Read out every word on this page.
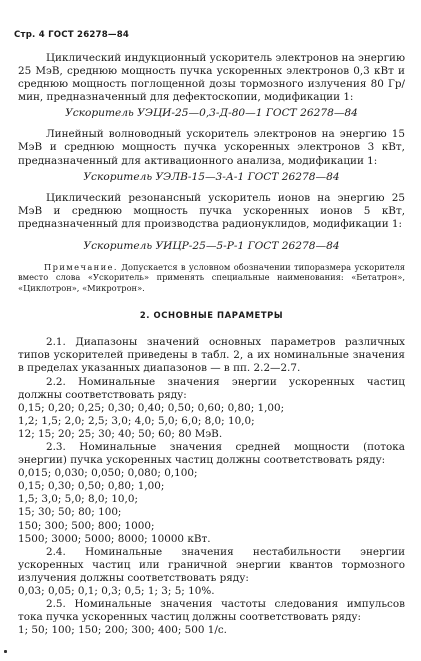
Стр. 4 ГОСТ 26278—84

Циклический индукционный ускоритель электронов на энергию 25 МэВ, среднюю мощность пучка ускоренных электронов 0,3 кВт и среднюю мощность поглощенной дозы тормозного излучения 80 Гр/мин, предназначенный для дефектоскопии, модификации 1:

Ускоритель УЭЦИ-25—0,3-Д-80—1 ГОСТ 26278—84

Линейный волноводный ускоритель электронов на энергию 15 МэВ и среднюю мощность пучка ускоренных электронов 3 кВт, предназначенный для активационного анализа, модификации 1:

Ускоритель УЭЛВ-15—3-А-1 ГОСТ 26278—84

Циклический резонансный ускоритель ионов на энергию 25 МэВ и среднюю мощность пучка ускоренных ионов 5 кВт, предназначенный для производства радионуклидов, модификации 1:

Ускоритель УИЦР-25—5-Р-1 ГОСТ 26278—84

Примечание. Допускается в условном обозначении типоразмера ускорителя вместо слова «Ускоритель» применять специальные наименования: «Бетатрон», «Циклотрон», «Микротрон».

2. ОСНОВНЫЕ ПАРАМЕТРЫ

2.1. Диапазоны значений основных параметров различных типов ускорителей приведены в табл. 2, а их номинальные значения в пределах указанных диапазонов — в пп. 2.2—2.7.

2.2. Номинальные значения энергии ускоренных частиц должны соответствовать ряду:

0,15; 0,20; 0,25; 0,30; 0,40; 0,50; 0,60; 0,80; 1,00;
1,2; 1,5; 2,0; 2,5; 3,0; 4,0; 5,0; 6,0; 8,0; 10,0;
12; 15; 20; 25; 30; 40; 50; 60; 80 МэВ.

2.3. Номинальные значения средней мощности (потока энергии) пучка ускоренных частиц должны соответствовать ряду:

0,015; 0,030; 0,050; 0,080; 0,100;
0,15; 0,30; 0,50; 0,80; 1,00;
1,5; 3,0; 5,0; 8,0; 10,0;
15; 30; 50; 80; 100;
150; 300; 500; 800; 1000;
1500; 3000; 5000; 8000; 10000 кВт.

2.4. Номинальные значения нестабильности энергии ускоренных частиц или граничной энергии квантов тормозного излучения должны соответствовать ряду:

0,03; 0,05; 0,1; 0,3; 0,5; 1; 3; 5; 10%.

2.5. Номинальные значения частоты следования импульсов тока пучка ускоренных частиц должны соответствовать ряду:

1; 50; 100; 150; 200; 300; 400; 500 1/с.
